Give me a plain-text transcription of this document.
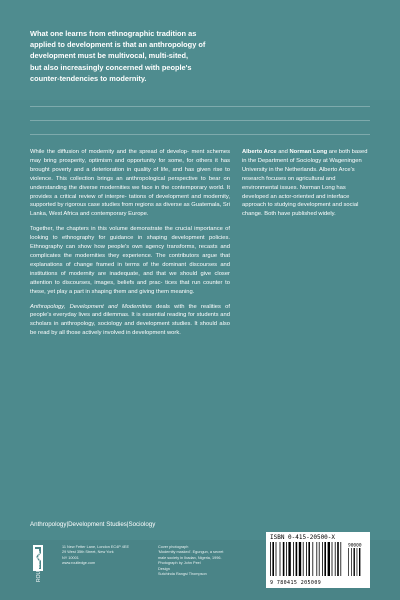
What one learns from ethnographic tradition as
applied to development is that an anthropology of
development must be multivocal, multi-sited,
but also increasingly concerned with people's
counter-tendencies to modernity.

While the diffusion of modernity and the spread of develop- ment schemes may bring prosperity, optimism and opportunity for some, for others it has brought poverty and a deterioration in quality of life, and has given rise to violence. This collection brings an anthropological perspective to bear on understanding the diverse modernities we face in the contemporary world. It provides a critical review of interpre- tations of development and modernity, supported by rigorous case studies from regions as diverse as Guatemala, Sri Lanka, West Africa and contemporary Europe.

Together, the chapters in this volume demonstrate the crucial importance of looking to ethnography for guidance in shaping development policies. Ethnography can show how people's own agency transforms, recasts and complicates the modernities they experience. The contributors argue that explanations of change framed in terms of the dominant discourses and institutions of modernity are inadequate, and that we should give closer attention to discourses, images, beliefs and prac- tices that run counter to these, yet play a part in shaping them and giving them meaning.

Anthropology, Development and Modernities deals with the realities of people's everyday lives and dilemmas. It is essential reading for students and scholars in anthropology, sociology and development studies. It should also be read by all those actively involved in development work.

Alberto Arce and Norman Long are both based in the Department of Sociology at Wageningen University in the Netherlands. Alberto Arce's research focuses on agricultural and environmental issues. Norman Long has developed an actor-oriented and interface approach to studying development and social change. Both have published widely.

Anthropology|Development Studies|Sociology
ROUTLEDGE
11 New Fetter Lane, London EC4P 4EE
29 West 35th Street, New York
NY 10001
www.routledge.com
Cover photograph
'Modernity masked'. Egungun, a secret
male society in Ibadan, Nigeria, 1996.
Photograph by John Peel
Design
Sutchinda Rangsi Thompson
ISBN 0-415-20500-X
90000
9 780415 205009
